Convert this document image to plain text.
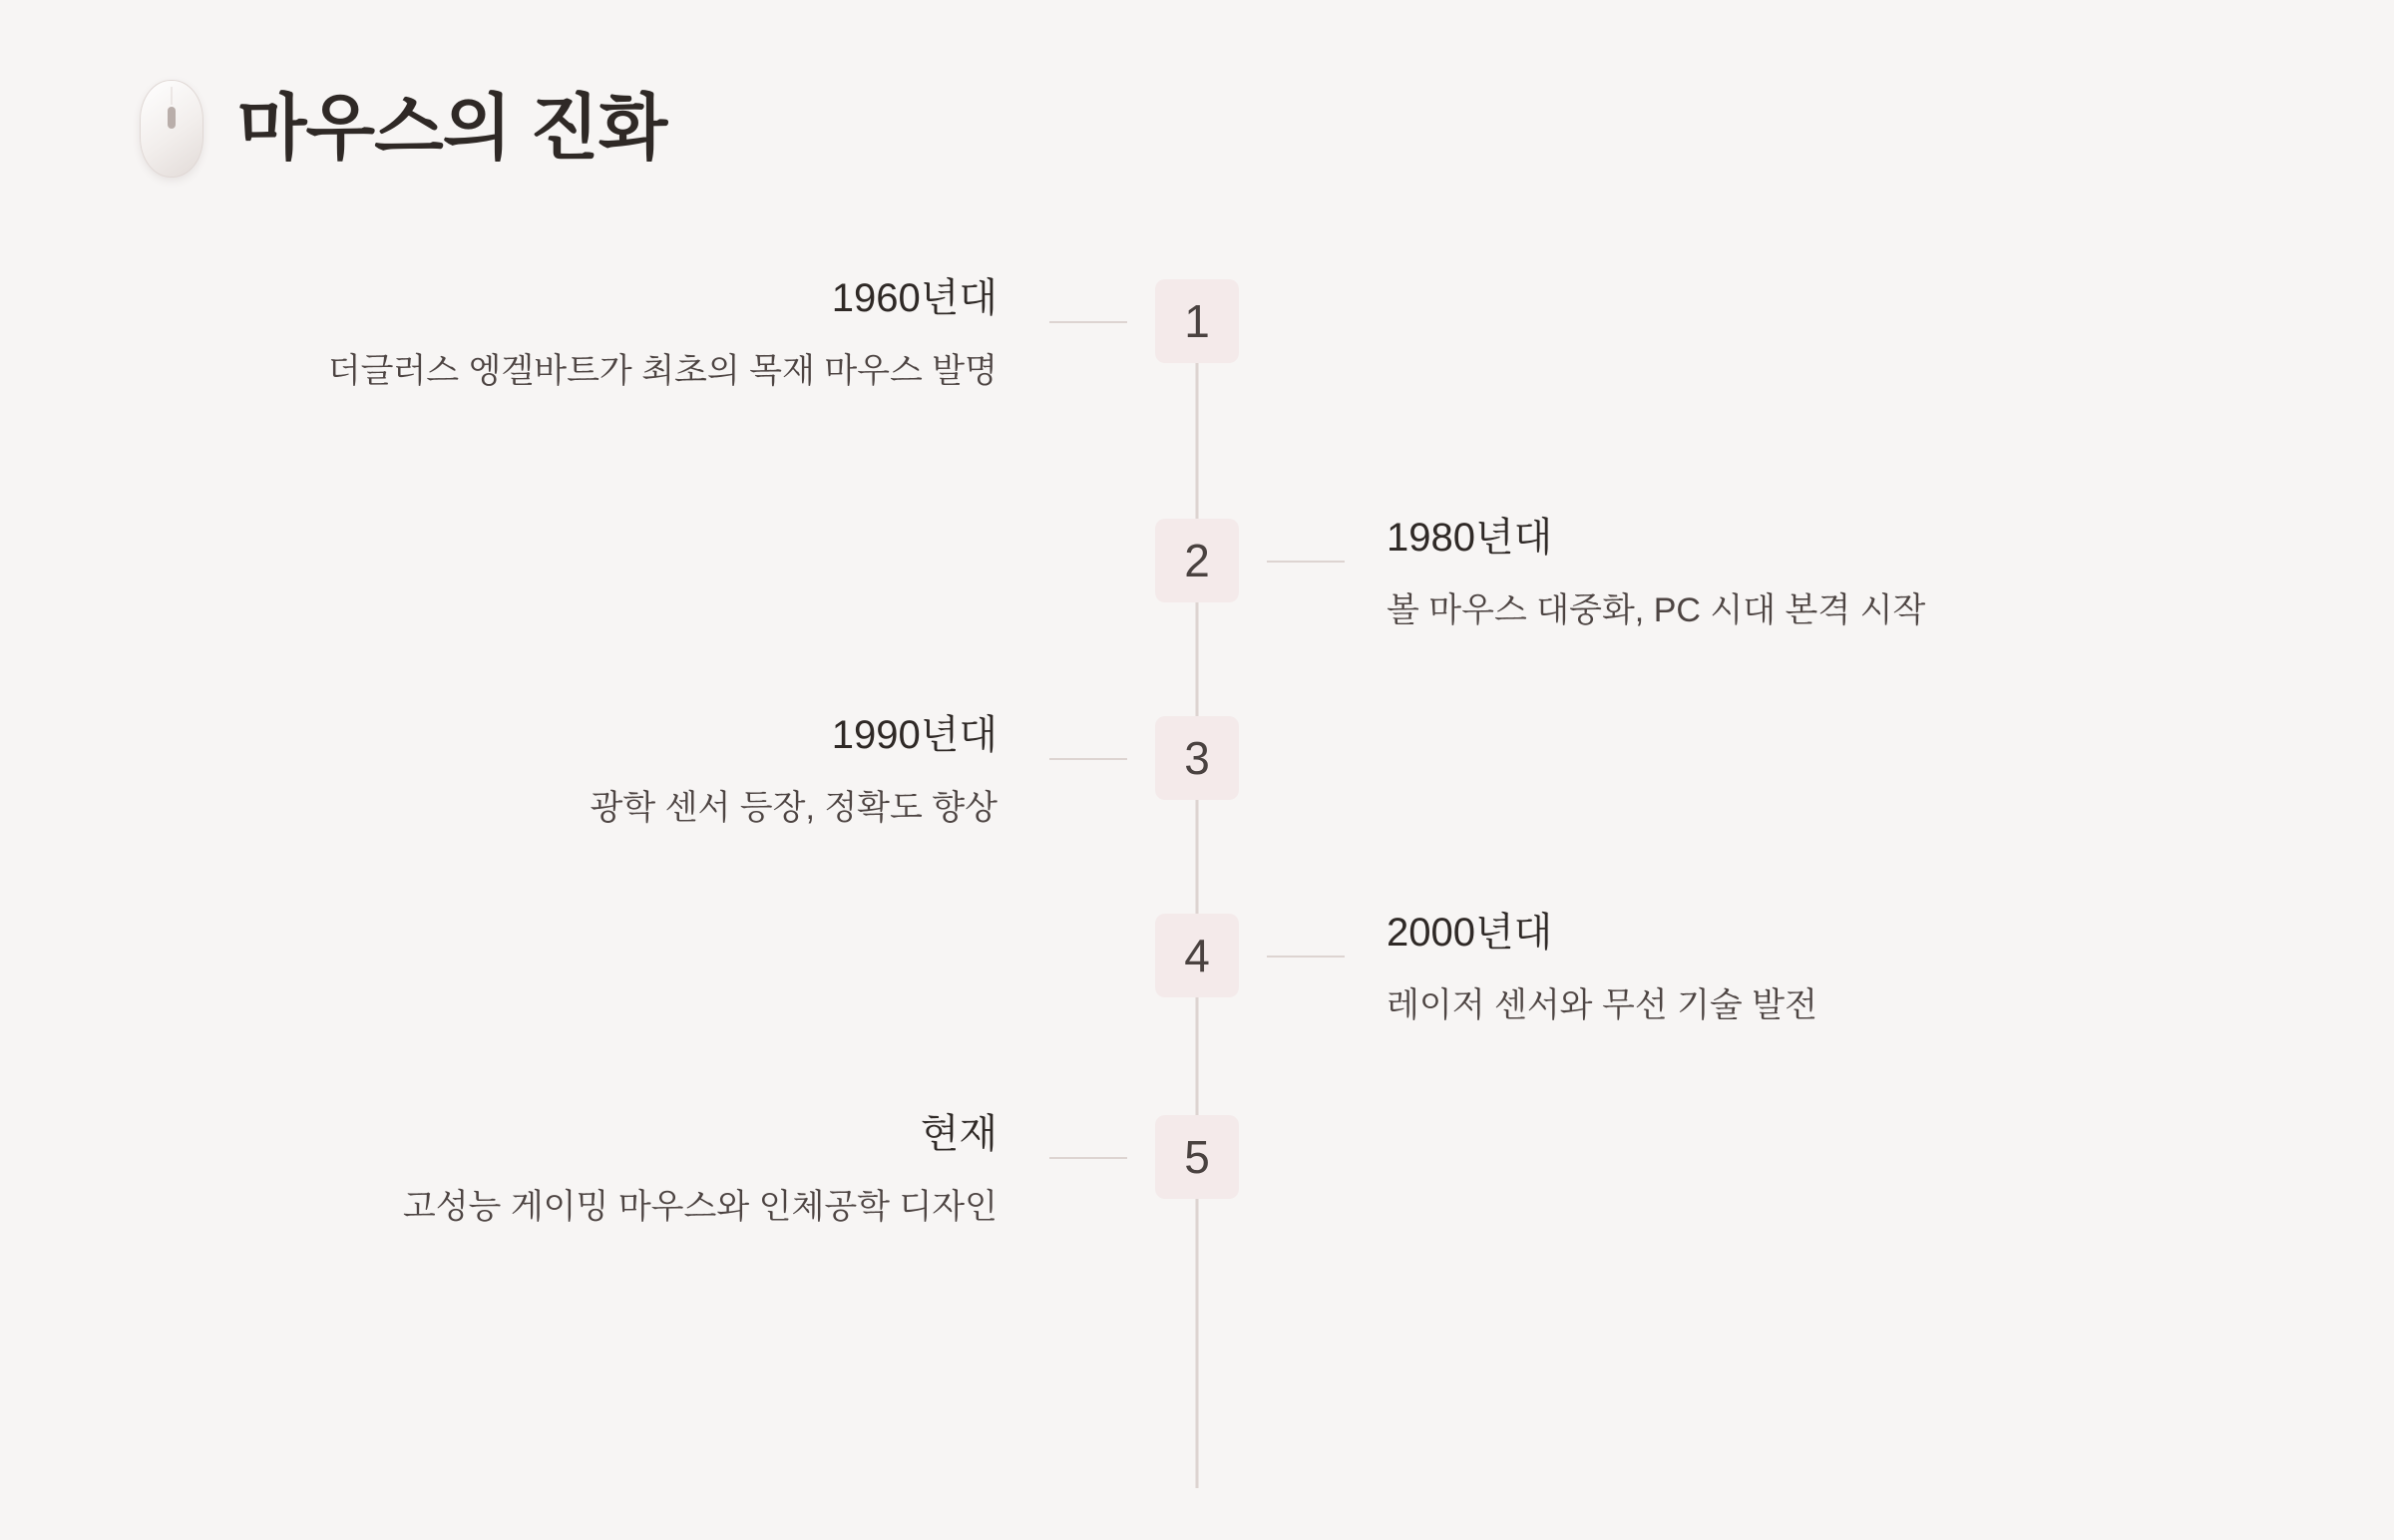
마우스의 진화
1
1960년대
더글러스 엥겔바트가 최초의 목재 마우스 발명
2	1980년대
볼 마우스 대중화, PC 시대 본격 시작
3
1990년대
광학 센서 등장, 정확도 향상
4	2000년대
레이저 센서와 무선 기술 발전
5
현재
고성능 게이밍 마우스와 인체공학 디자인
